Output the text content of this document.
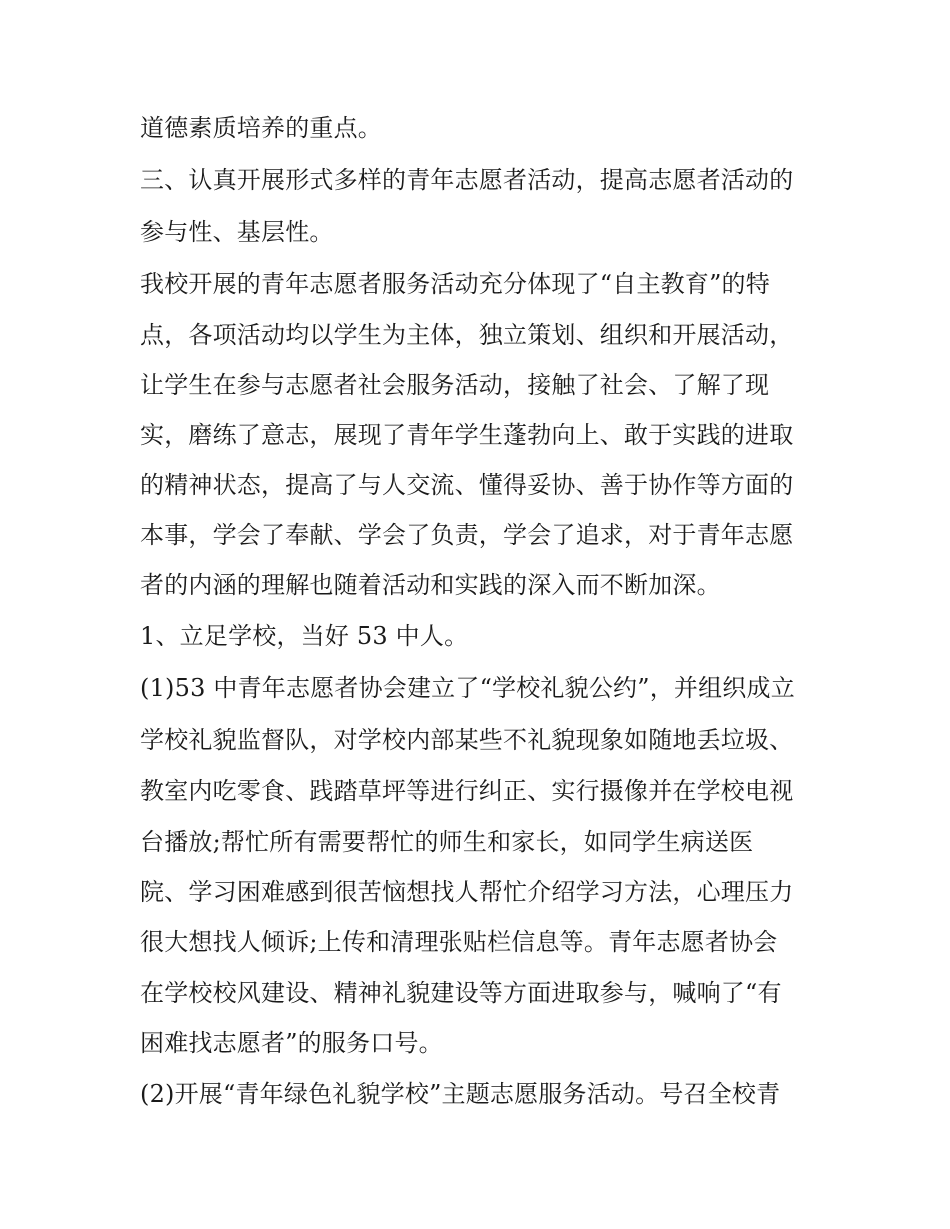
道德素质培养的重点。
三、认真开展形式多样的青年志愿者活动，提高志愿者活动的
参与性、基层性。
我校开展的青年志愿者服务活动充分体现了“自主教育”的特
点，各项活动均以学生为主体，独立策划、组织和开展活动，
让学生在参与志愿者社会服务活动，接触了社会、了解了现
实，磨练了意志，展现了青年学生蓬勃向上、敢于实践的进取
的精神状态，提高了与人交流、懂得妥协、善于协作等方面的
本事，学会了奉献、学会了负责，学会了追求，对于青年志愿
者的内涵的理解也随着活动和实践的深入而不断加深。
1、立足学校，当好 53 中人。
(1)53 中青年志愿者协会建立了“学校礼貌公约”，并组织成立
学校礼貌监督队，对学校内部某些不礼貌现象如随地丢垃圾、
教室内吃零食、践踏草坪等进行纠正、实行摄像并在学校电视
台播放;帮忙所有需要帮忙的师生和家长，如同学生病送医
院、学习困难感到很苦恼想找人帮忙介绍学习方法，心理压力
很大想找人倾诉;上传和清理张贴栏信息等。青年志愿者协会
在学校校风建设、精神礼貌建设等方面进取参与，喊响了“有
困难找志愿者”的服务口号。
(2)开展“青年绿色礼貌学校”主题志愿服务活动。号召全校青
